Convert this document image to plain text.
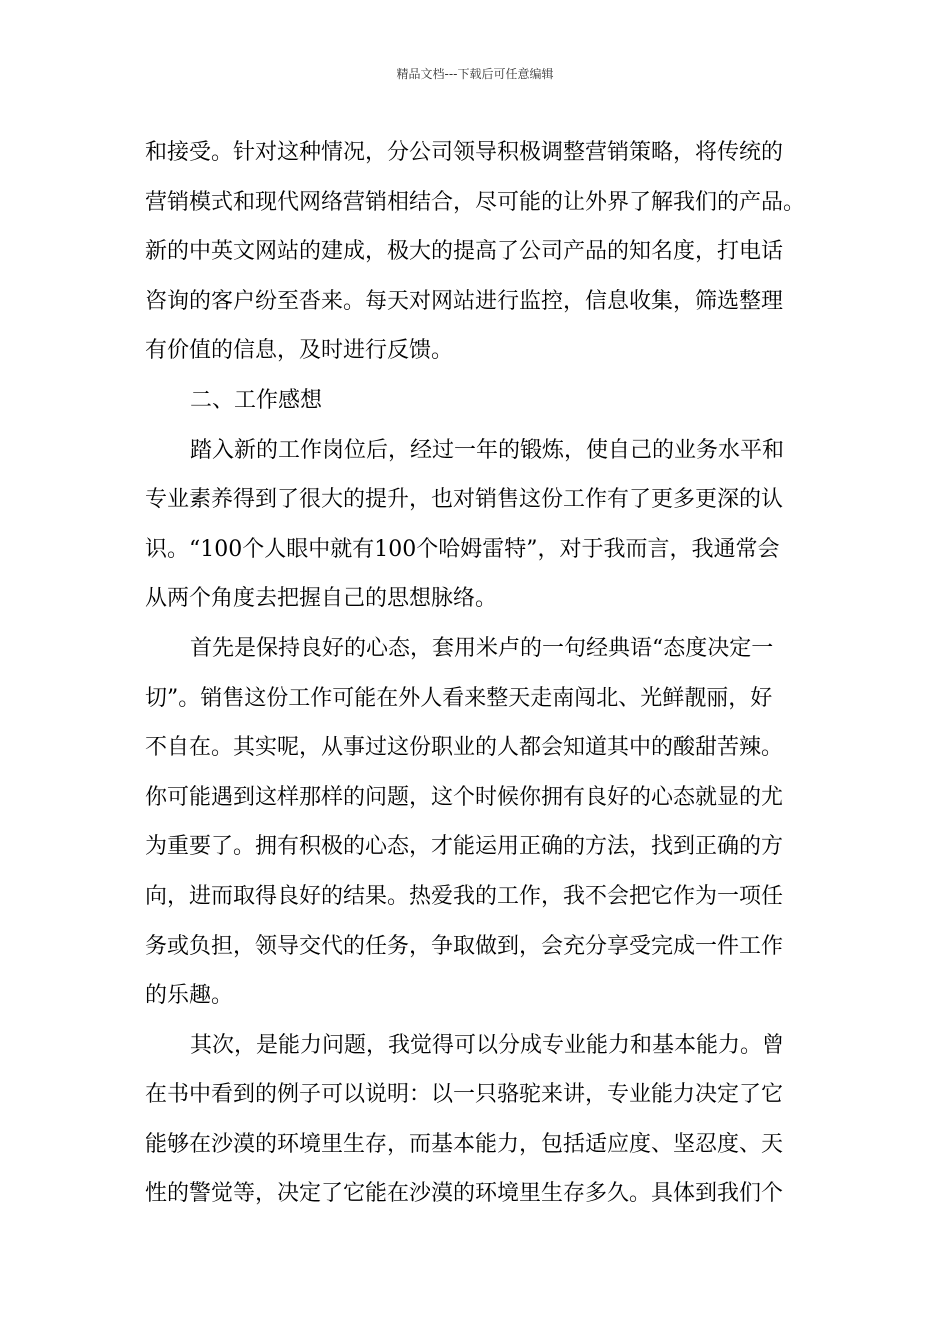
精品文档---下载后可任意编辑
和接受。针对这种情况，分公司领导积极调整营销策略，将传统的
营销模式和现代网络营销相结合，尽可能的让外界了解我们的产品。
新的中英文网站的建成，极大的提高了公司产品的知名度，打电话
咨询的客户纷至沓来。每天对网站进行监控，信息收集，筛选整理
有价值的信息，及时进行反馈。
二、工作感想
踏入新的工作岗位后，经过一年的锻炼，使自己的业务水平和
专业素养得到了很大的提升，也对销售这份工作有了更多更深的认
识。“100个人眼中就有100个哈姆雷特”，对于我而言，我通常会
从两个角度去把握自己的思想脉络。
首先是保持良好的心态，套用米卢的一句经典语“态度决定一
切”。销售这份工作可能在外人看来整天走南闯北、光鲜靓丽，好
不自在。其实呢，从事过这份职业的人都会知道其中的酸甜苦辣。
你可能遇到这样那样的问题，这个时候你拥有良好的心态就显的尤
为重要了。拥有积极的心态，才能运用正确的方法，找到正确的方
向，进而取得良好的结果。热爱我的工作，我不会把它作为一项任
务或负担，领导交代的任务，争取做到，会充分享受完成一件工作
的乐趣。
其次，是能力问题，我觉得可以分成专业能力和基本能力。曾
在书中看到的例子可以说明：以一只骆驼来讲，专业能力决定了它
能够在沙漠的环境里生存，而基本能力，包括适应度、坚忍度、天
性的警觉等，决定了它能在沙漠的环境里生存多久。具体到我们个
